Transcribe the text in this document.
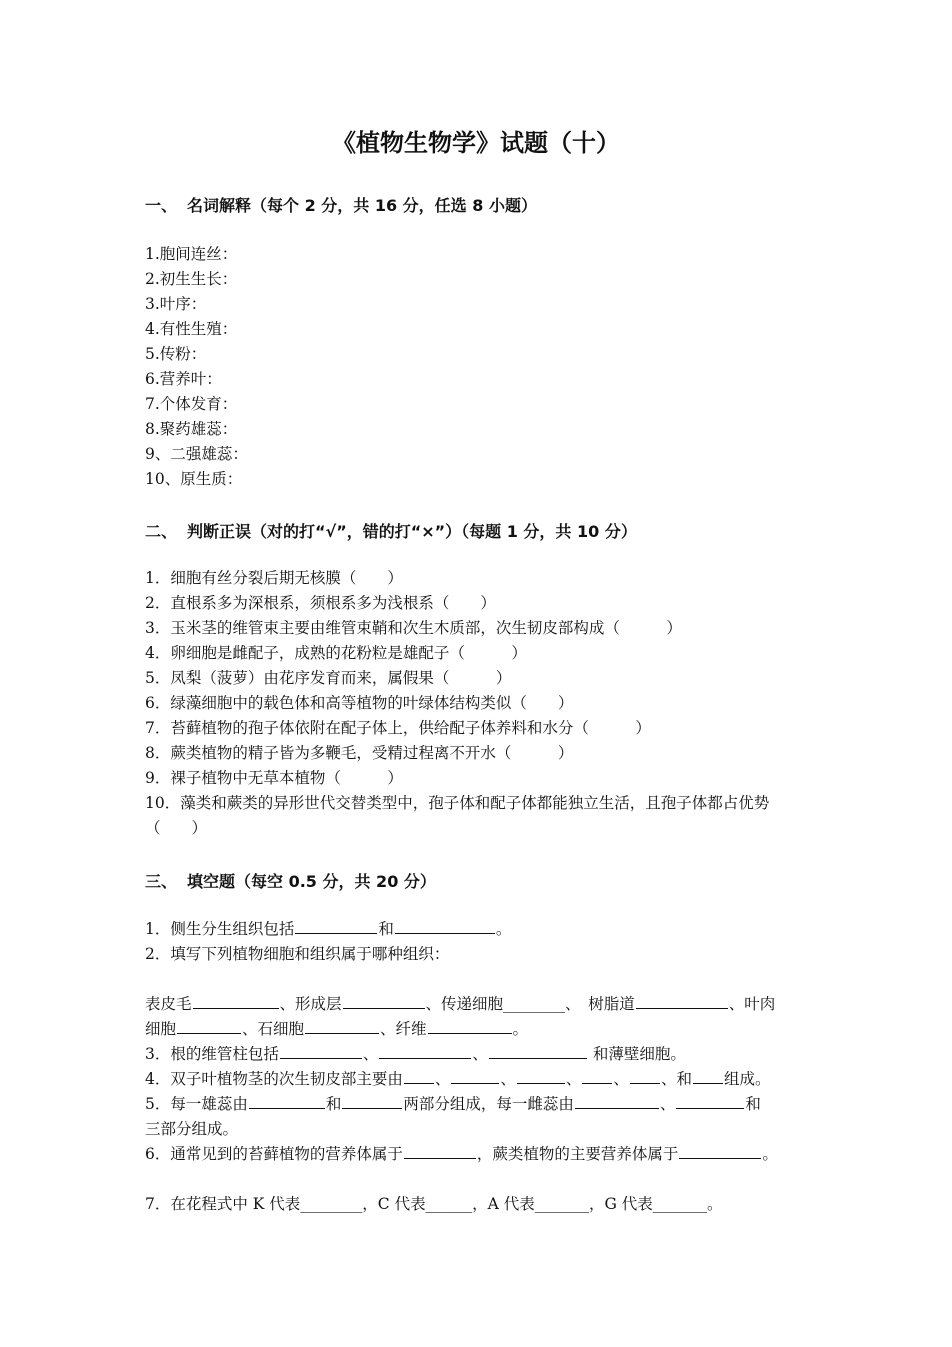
《植物生物学》试题（十）
一、 名词解释（每个 2 分，共 16 分，任选 8 小题）
1.胞间连丝：
2.初生生长：
3.叶序：
4.有性生殖：
5.传粉：
6.营养叶：
7.个体发育：
8.聚药雄蕊：
9、二强雄蕊：
10、原生质：
二、 判断正误（对的打“√”，错的打“×”）（每题 1 分，共 10 分）
1．细胞有丝分裂后期无核膜（　　）
2．直根系多为深根系，须根系多为浅根系（　　）
3．玉米茎的维管束主要由维管束鞘和次生木质部，次生韧皮部构成（　　　）
4．卵细胞是雌配子，成熟的花粉粒是雄配子（　　　）
5．凤梨（菠萝）由花序发育而来，属假果（　　　）
6．绿藻细胞中的载色体和高等植物的叶绿体结构类似（　　）
7．苔藓植物的孢子体依附在配子体上，供给配子体养料和水分（　　　）
8．蕨类植物的精子皆为多鞭毛，受精过程离不开水（　　　）
9．裸子植物中无草本植物（　　　）
10．藻类和蕨类的异形世代交替类型中，孢子体和配子体都能独立生活，且孢子体都占优势
（　　）
三、 填空题（每空 0.5 分，共 20 分）
1．侧生分生组织包括	和	。
2．填写下列植物细胞和组织属于哪种组织：
表皮毛	、形成层	、传递细胞________、　树脂道	、叶肉
细胞	、石细胞	、纤维	。
3．根的维管柱包括	、	、	和薄壁细胞。
4．双子叶植物茎的次生韧皮部主要由 、	、	、 、 、和 组成。
5．每一雄蕊由	和	两部分组成，每一雌蕊由	、	和
三部分组成。
6．通常见到的苔藓植物的营养体属于	，蕨类植物的主要营养体属于	。
7．在花程式中 K 代表________，C 代表______，A 代表_______，G 代表_______。
